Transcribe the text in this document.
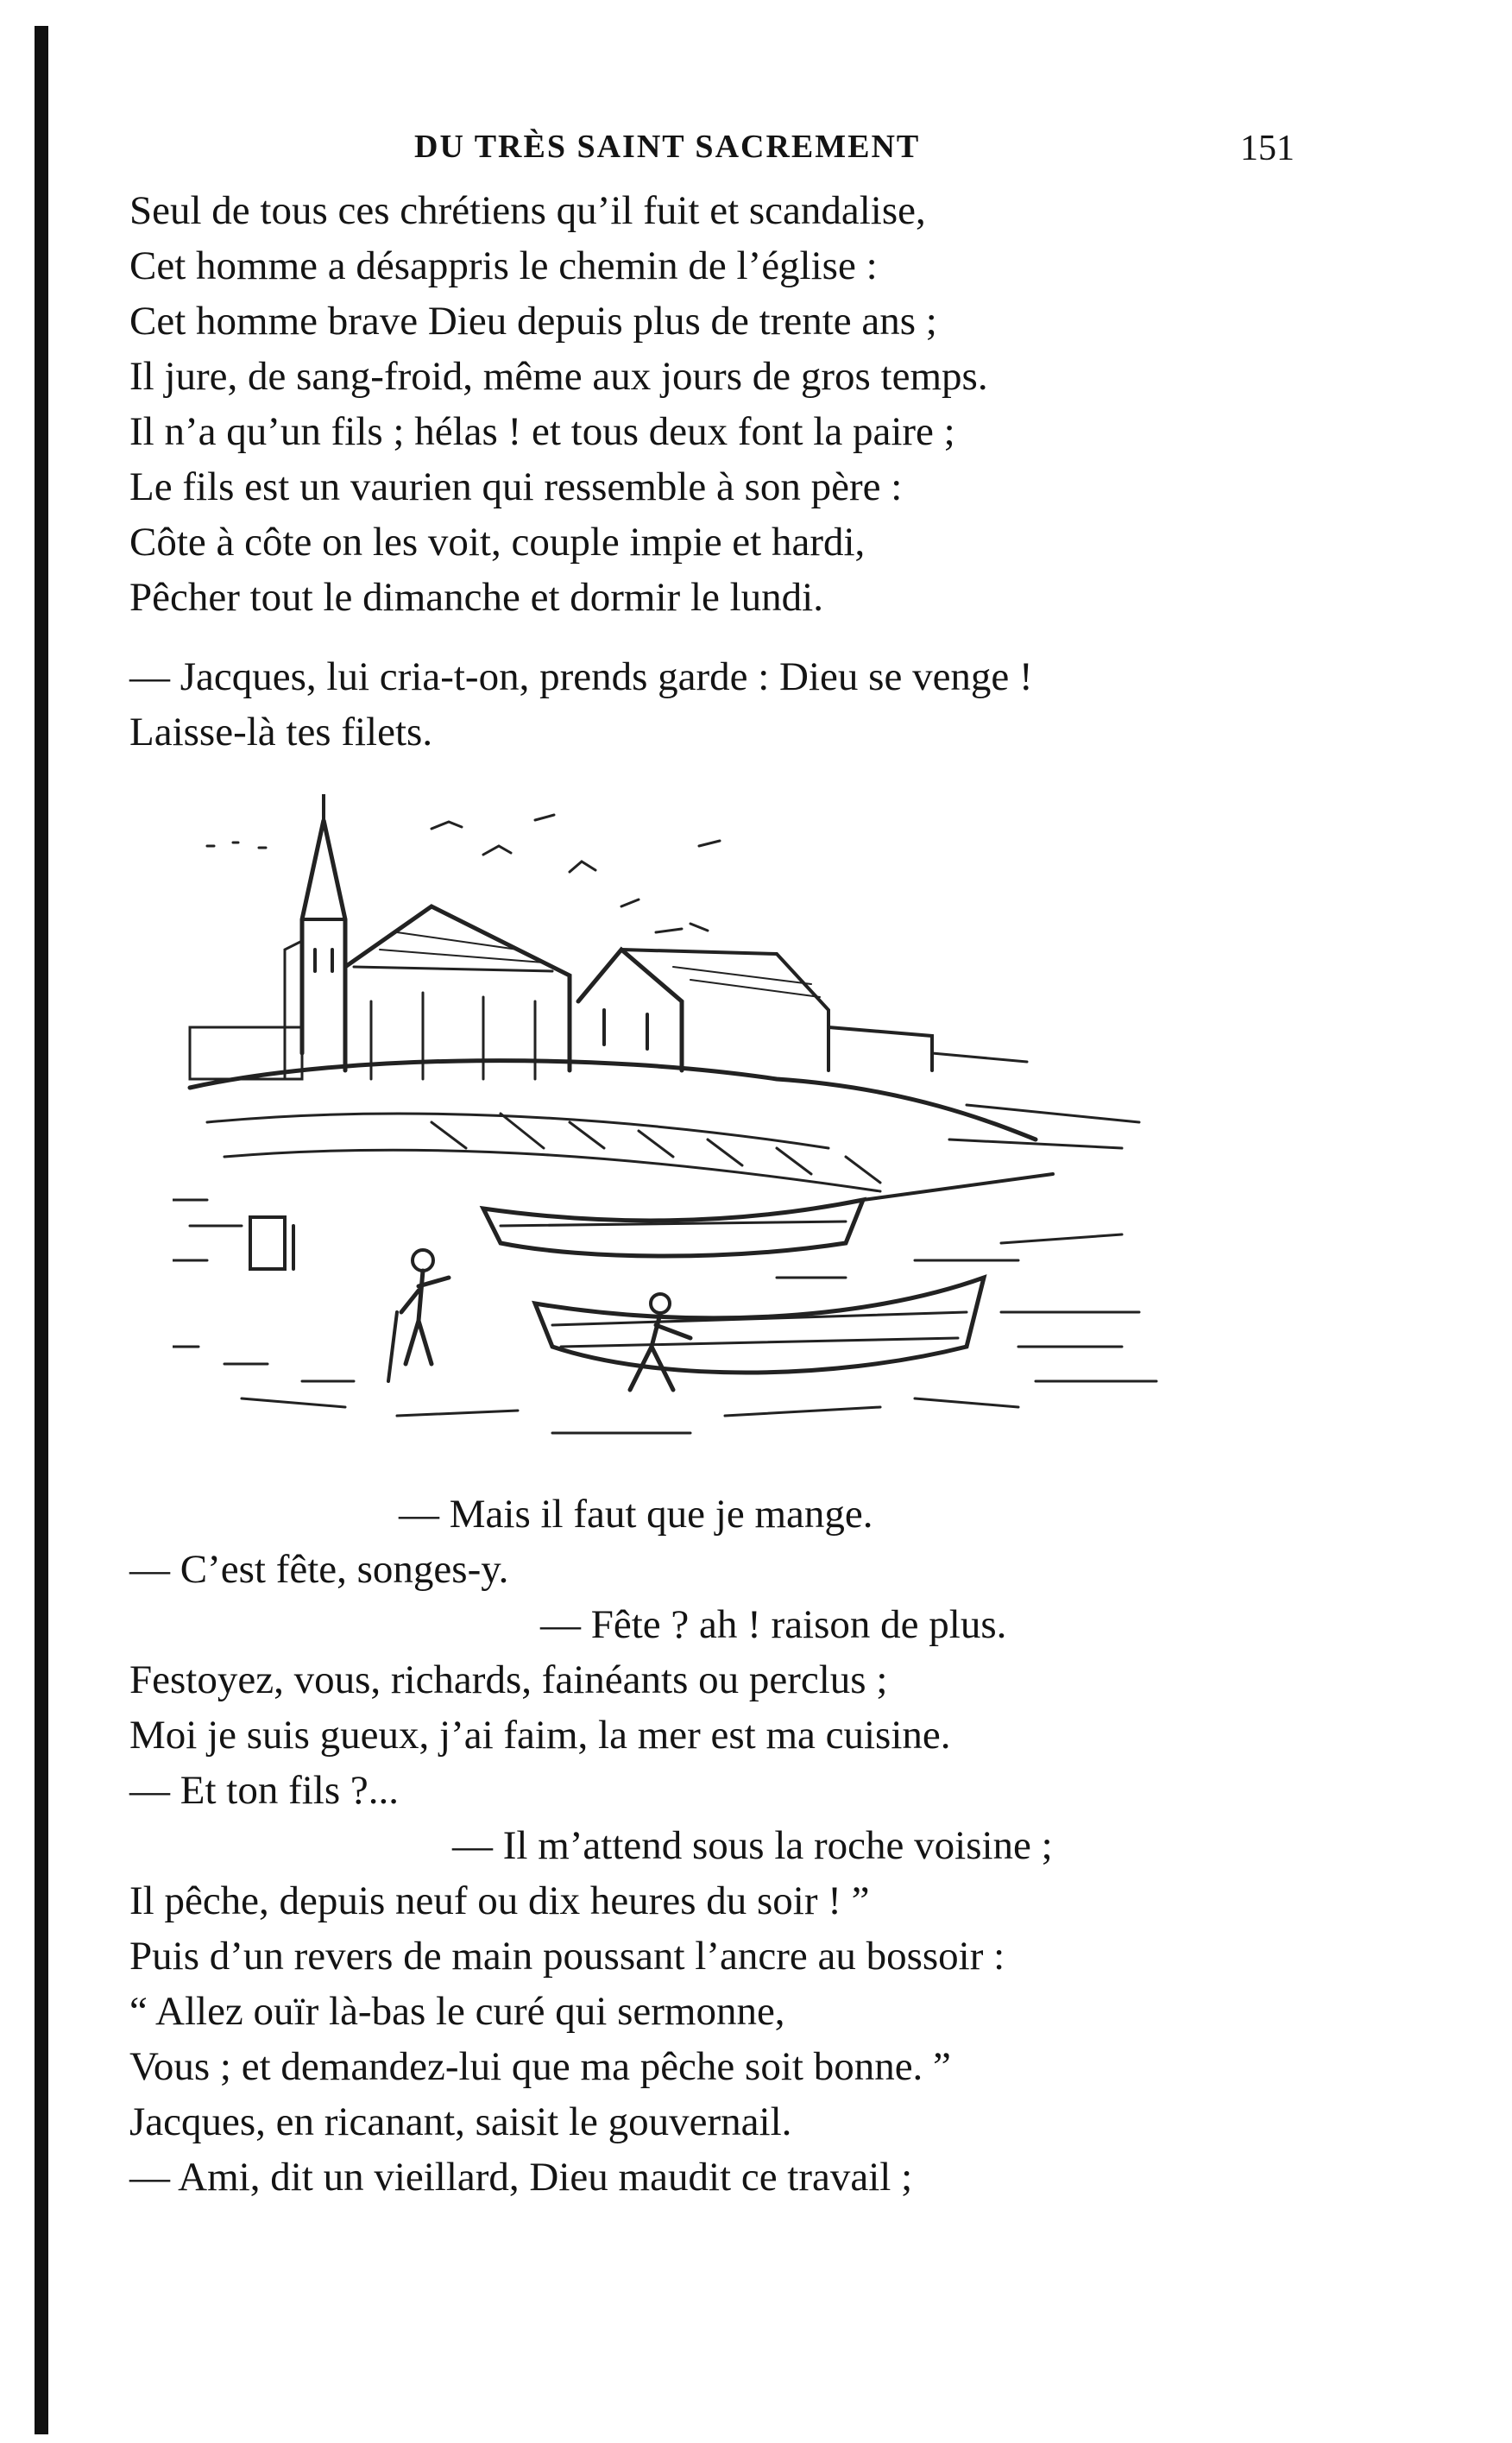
DU TRÈS SAINT SACREMENT	151
Seul de tous ces chrétiens qu’il fuit et scandalise,
Cet homme a désappris le chemin de l’église :
Cet homme brave Dieu depuis plus de trente ans ;
Il jure, de sang-froid, même aux jours de gros temps.
Il n’a qu’un fils ; hélas ! et tous deux font la paire ;
Le fils est un vaurien qui ressemble à son père :
Côte à côte on les voit, couple impie et hardi,
Pêcher tout le dimanche et dormir le lundi.
— Jacques, lui cria-t-on, prends garde : Dieu se venge !
Laisse-là tes filets.
— Mais il faut que je mange.
— C’est fête, songes-y.
— Fête ? ah ! raison de plus.
Festoyez, vous, richards, fainéants ou perclus ;
Moi je suis gueux, j’ai faim, la mer est ma cuisine.
— Et ton fils ?...
— Il m’attend sous la roche voisine ;
Il pêche, depuis neuf ou dix heures du soir ! ”
Puis d’un revers de main poussant l’ancre au bossoir :
“ Allez ouïr là-bas le curé qui sermonne,
Vous ; et demandez-lui que ma pêche soit bonne. ”
Jacques, en ricanant, saisit le gouvernail.
— Ami, dit un vieillard, Dieu maudit ce travail ;
